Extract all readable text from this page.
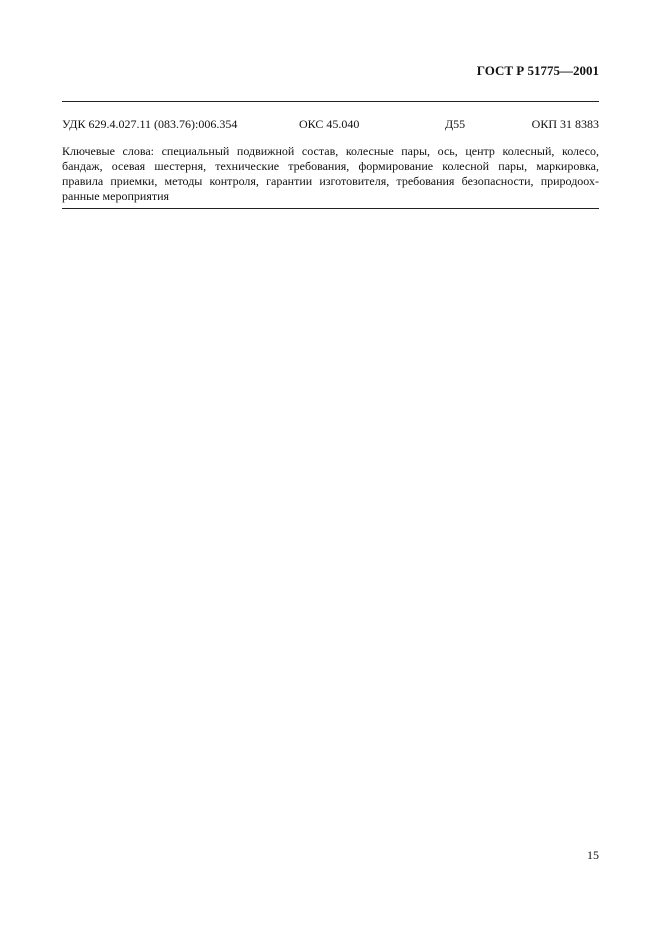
ГОСТ Р 51775—2001

УДК 629.4.027.11 (083.76):006.354	ОКС 45.040	Д55	ОКП 31 8383

Ключевые слова: специальный подвижной состав, колесные пары, ось, центр колесный, колесо,
бандаж, осевая шестерня, технические требования, формирование колесной пары, маркировка,
правила приемки, методы контроля, гарантии изготовителя, требования безопасности, природоох-
ранные мероприятия

15
